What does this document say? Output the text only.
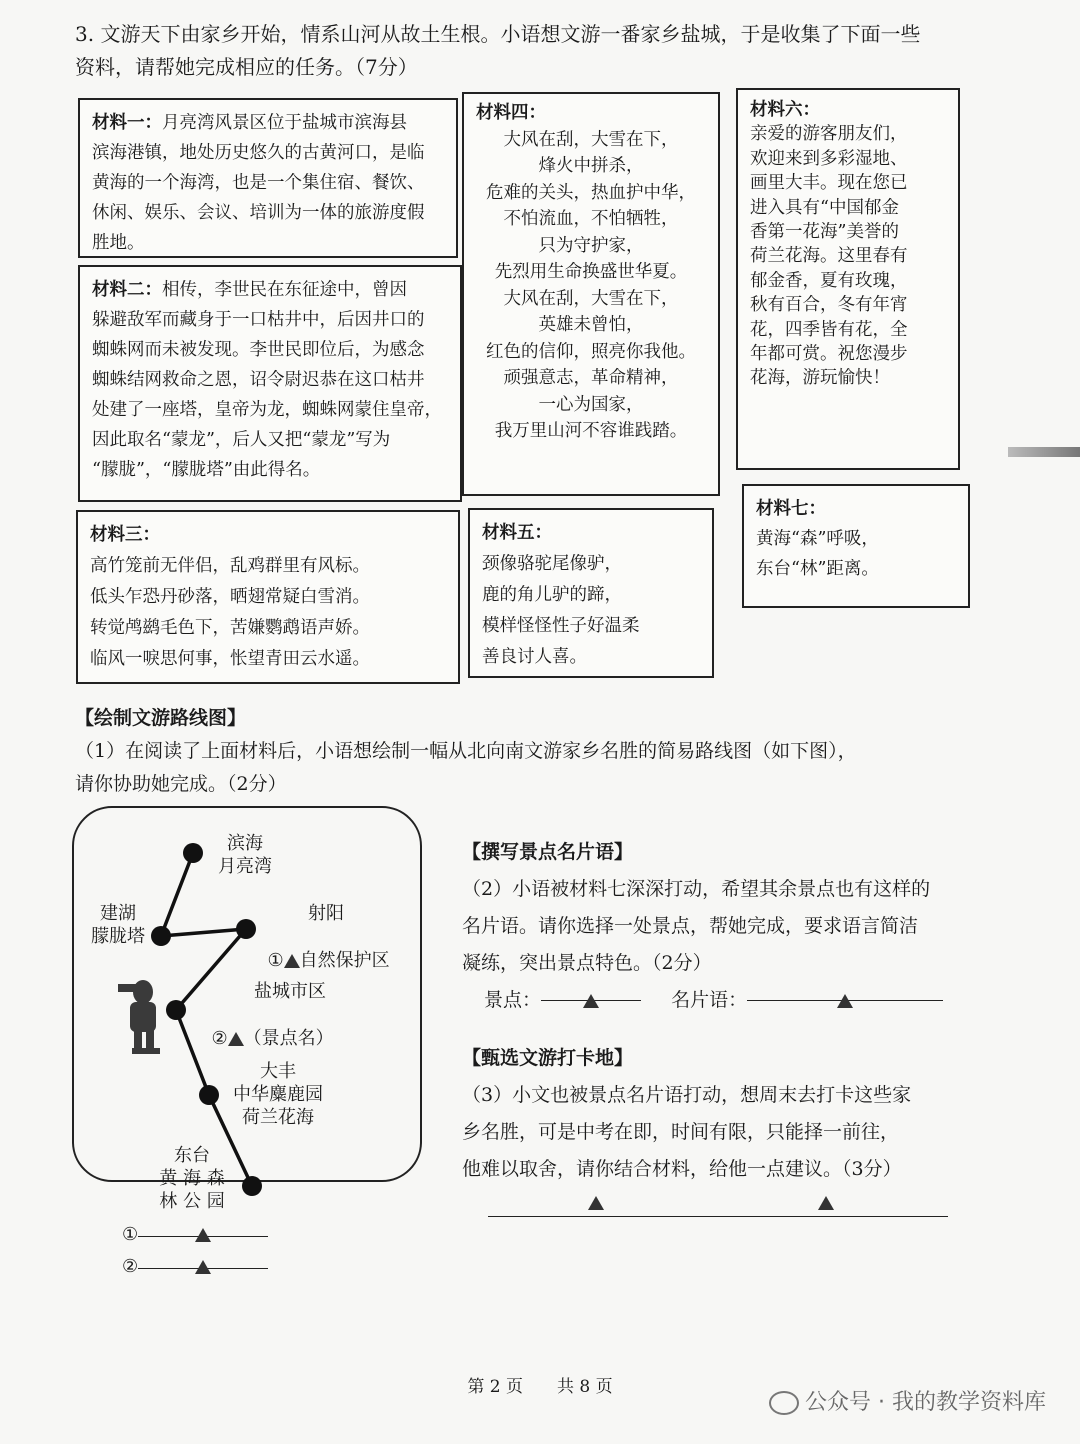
3. 文游天下由家乡开始，情系山河从故土生根。小语想文游一番家乡盐城，于是收集了下面一些
资料，请帮她完成相应的任务。（7分）
材料一：月亮湾风景区位于盐城市滨海县
滨海港镇，地处历史悠久的古黄河口，是临
黄海的一个海湾，也是一个集住宿、餐饮、
休闲、娱乐、会议、培训为一体的旅游度假
胜地。
材料二：相传，李世民在东征途中，曾因
躲避敌军而藏身于一口枯井中，后因井口的
蜘蛛网而未被发现。李世民即位后，为感念
蜘蛛结网救命之恩，诏令尉迟恭在这口枯井
处建了一座塔，皇帝为龙，蜘蛛网蒙住皇帝，
因此取名“蒙龙”，后人又把“蒙龙”写为
“朦胧”，“朦胧塔”由此得名。
材料三：
高竹笼前无伴侣，乱鸡群里有风标。
低头乍恐丹砂落，晒翅常疑白雪消。
转觉鸬鹚毛色下，苦嫌鹦鹉语声娇。
临风一唳思何事，怅望青田云水遥。
材料四：
大风在刮，大雪在下，
烽火中拼杀，
危难的关头，热血护中华，
不怕流血，不怕牺牲，
只为守护家，
先烈用生命换盛世华夏。
大风在刮，大雪在下，
英雄未曾怕，
红色的信仰，照亮你我他。
顽强意志，革命精神，
一心为国家，
我万里山河不容谁践踏。
材料五：
颈像骆驼尾像驴，
鹿的角儿驴的蹄，
模样怪怪性子好温柔
善良讨人喜。
材料六：
亲爱的游客朋友们，
欢迎来到多彩湿地、
画里大丰。现在您已
进入具有“中国郁金
香第一花海”美誉的
荷兰花海。这里春有
郁金香，夏有玫瑰，
秋有百合，冬有年宵
花，四季皆有花，全
年都可赏。祝您漫步
花海，游玩愉快！
材料七：
黄海“森”呼吸，
东台“林”距离。
【绘制文游路线图】
（1）在阅读了上面材料后，小语想绘制一幅从北向南文游家乡名胜的简易路线图（如下图），
请你协助她完成。（2分）
滨海
月亮湾
建湖
朦胧塔
射阳

① 自然保护区

盐城市区

② （景点名）

大丰
中华麋鹿园
荷兰花海
东台
黄 海 森
林 公 园
①
②
【撰写景点名片语】
（2）小语被材料七深深打动，希望其余景点也有这样的
名片语。请你选择一处景点，帮她完成，要求语言简洁
凝练，突出景点特色。（2分）
景点：	名片语：
【甄选文游打卡地】
（3）小文也被景点名片语打动，想周末去打卡这些家
乡名胜，可是中考在即，时间有限，只能择一前往，
他难以取舍，请你结合材料，给他一点建议。（3分）
第 2 页　　共 8 页
公众号 · 我的教学资料库
